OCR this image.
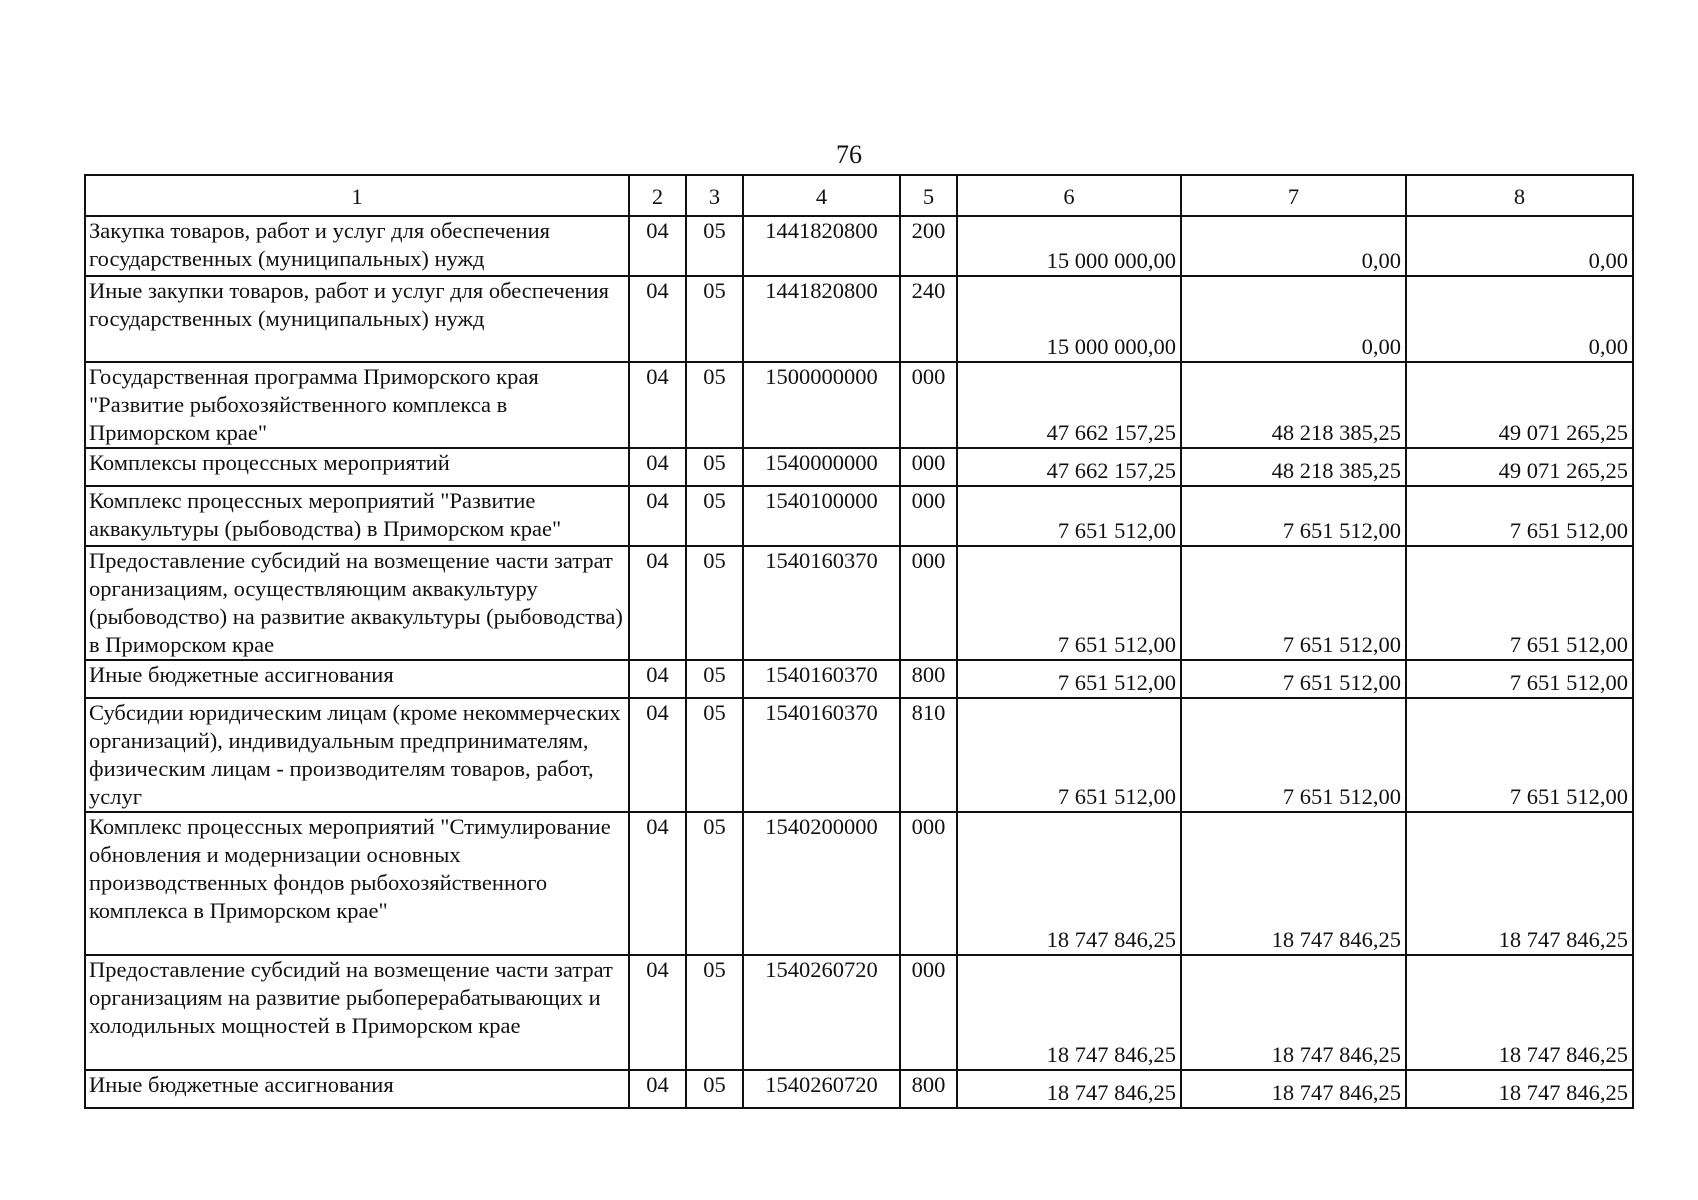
76
1	2	3	4	5	6	7	8
Закупка товаров, работ и услуг для обеспечения государственных (муниципальных) нужд	04	05	1441820800	200	15 000 000,00	0,00	0,00
Иные закупки товаров, работ и услуг для обеспечения государственных (муниципальных) нужд	04	05	1441820800	240	15 000 000,00	0,00	0,00
Государственная программа Приморского края "Развитие рыбохозяйственного комплекса в Приморском крае"	04	05	1500000000	000	47 662 157,25	48 218 385,25	49 071 265,25
Комплексы процессных мероприятий	04	05	1540000000	000	47 662 157,25	48 218 385,25	49 071 265,25
Комплекс процессных мероприятий "Развитие аквакультуры (рыбоводства) в Приморском крае"	04	05	1540100000	000	7 651 512,00	7 651 512,00	7 651 512,00
Предоставление субсидий на возмещение части затрат организациям, осуществляющим аквакультуру (рыбоводство) на развитие аквакультуры (рыбоводства) в Приморском крае	04	05	1540160370	000	7 651 512,00	7 651 512,00	7 651 512,00
Иные бюджетные ассигнования	04	05	1540160370	800	7 651 512,00	7 651 512,00	7 651 512,00
Субсидии юридическим лицам (кроме некоммерческих организаций), индивидуальным предпринимателям, физическим лицам - производителям товаров, работ, услуг	04	05	1540160370	810	7 651 512,00	7 651 512,00	7 651 512,00
Комплекс процессных мероприятий "Стимулирование обновления и модернизации основных производственных фондов рыбохозяйственного комплекса в Приморском крае"	04	05	1540200000	000	18 747 846,25	18 747 846,25	18 747 846,25
Предоставление субсидий на возмещение части затрат организациям на развитие рыбоперерабатывающих и холодильных мощностей в Приморском крае	04	05	1540260720	000	18 747 846,25	18 747 846,25	18 747 846,25
Иные бюджетные ассигнования	04	05	1540260720	800	18 747 846,25	18 747 846,25	18 747 846,25
